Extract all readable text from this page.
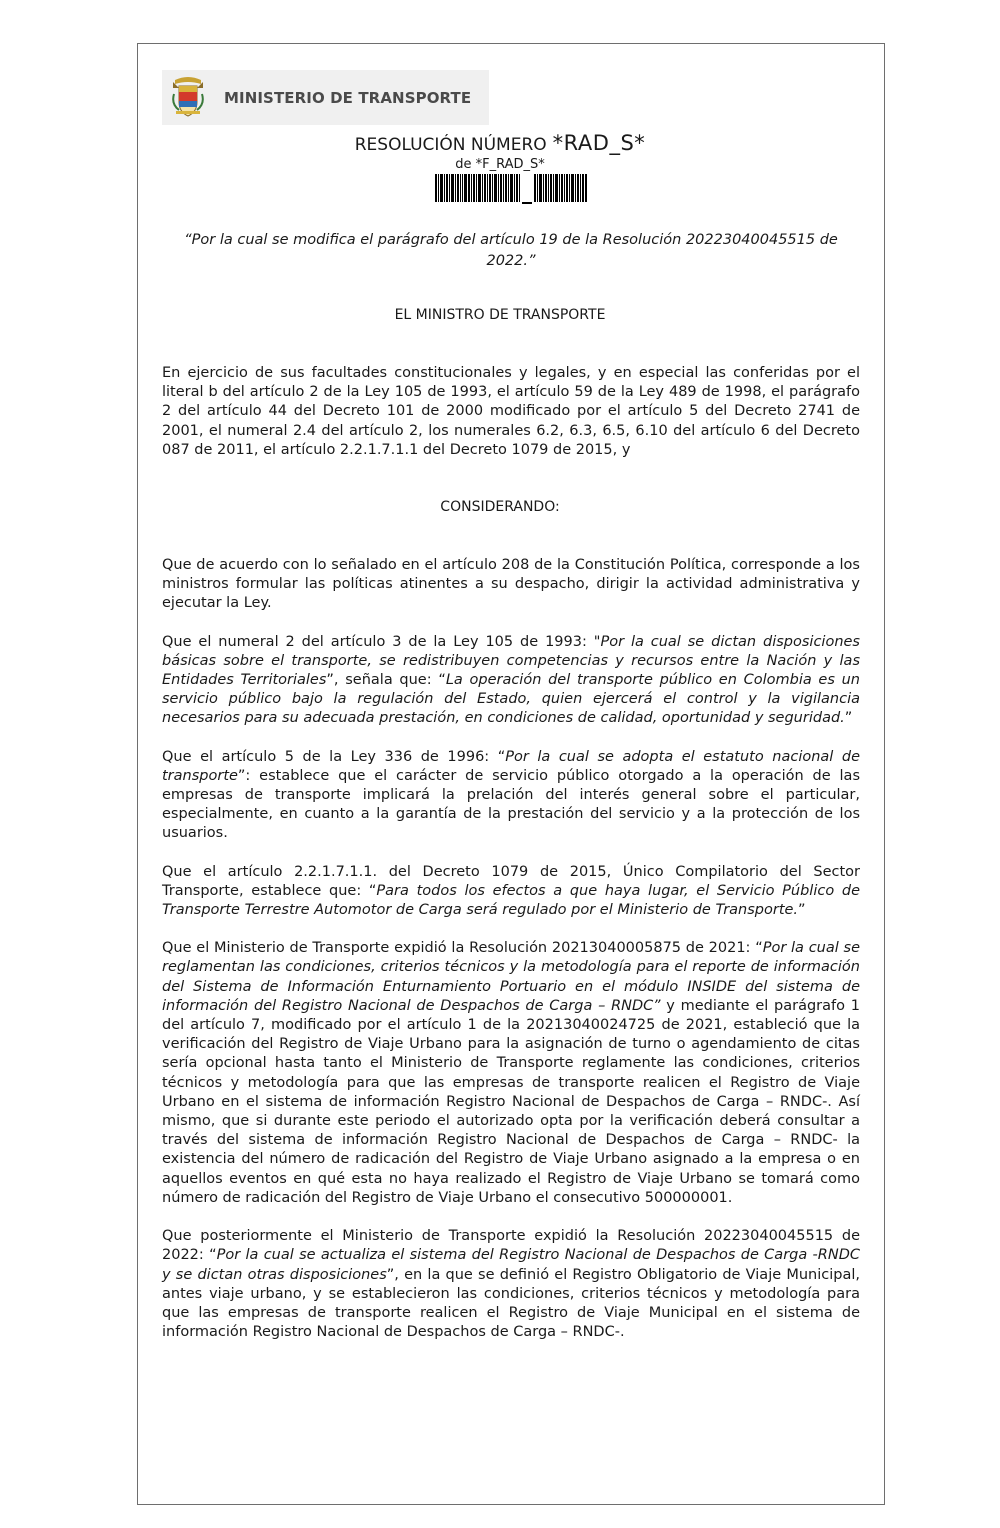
MINISTERIO DE TRANSPORTE
RESOLUCIÓN NÚMERO *RAD_S*
de *F_RAD_S*
“Por la cual se modifica el parágrafo del artículo 19 de la Resolución 20223040045515 de 2022.”
EL MINISTRO DE TRANSPORTE

En ejercicio de sus facultades constitucionales y legales, y en especial las conferidas por el literal b del artículo 2 de la Ley 105 de 1993, el artículo 59 de la Ley 489 de 1998, el parágrafo 2 del artículo 44 del Decreto 101 de 2000 modificado por el artículo 5 del Decreto 2741 de 2001, el numeral 2.4 del artículo 2, los numerales 6.2, 6.3, 6.5, 6.10 del artículo 6 del Decreto 087 de 2011, el artículo 2.2.1.7.1.1 del Decreto 1079 de 2015, y

CONSIDERANDO:

Que de acuerdo con lo señalado en el artículo 208 de la Constitución Política, corresponde a los ministros formular las políticas atinentes a su despacho, dirigir la actividad administrativa y ejecutar la Ley.

Que el numeral 2 del artículo 3 de la Ley 105 de 1993: "Por la cual se dictan disposiciones básicas sobre el transporte, se redistribuyen competencias y recursos entre la Nación y las Entidades Territoriales”, señala que: “La operación del transporte público en Colombia es un servicio público bajo la regulación del Estado, quien ejercerá el control y la vigilancia necesarios para su adecuada prestación, en condiciones de calidad, oportunidad y seguridad.”

Que el artículo 5 de la Ley 336 de 1996: “Por la cual se adopta el estatuto nacional de transporte”: establece que el carácter de servicio público otorgado a la operación de las empresas de transporte implicará la prelación del interés general sobre el particular, especialmente, en cuanto a la garantía de la prestación del servicio y a la protección de los usuarios.

Que el artículo 2.2.1.7.1.1. del Decreto 1079 de 2015, Único Compilatorio del Sector Transporte, establece que: “Para todos los efectos a que haya lugar, el Servicio Público de Transporte Terrestre Automotor de Carga será regulado por el Ministerio de Transporte.”

Que el Ministerio de Transporte expidió la Resolución 20213040005875 de 2021: “Por la cual se reglamentan las condiciones, criterios técnicos y la metodología para el reporte de información del Sistema de Información Enturnamiento Portuario en el módulo INSIDE del sistema de información del Registro Nacional de Despachos de Carga – RNDC” y mediante el parágrafo 1 del artículo 7, modificado por el artículo 1 de la 20213040024725 de 2021, estableció que la verificación del Registro de Viaje Urbano para la asignación de turno o agendamiento de citas sería opcional hasta tanto el Ministerio de Transporte reglamente las condiciones, criterios técnicos y metodología para que las empresas de transporte realicen el Registro de Viaje Urbano en el sistema de información Registro Nacional de Despachos de Carga – RNDC-. Así mismo, que si durante este periodo el autorizado opta por la verificación deberá consultar a través del sistema de información Registro Nacional de Despachos de Carga – RNDC- la existencia del número de radicación del Registro de Viaje Urbano asignado a la empresa o en aquellos eventos en qué esta no haya realizado el Registro de Viaje Urbano se tomará como número de radicación del Registro de Viaje Urbano el consecutivo 500000001.

Que posteriormente el Ministerio de Transporte expidió la Resolución 20223040045515 de 2022: “Por la cual se actualiza el sistema del Registro Nacional de Despachos de Carga -RNDC y se dictan otras disposiciones”, en la que se definió el Registro Obligatorio de Viaje Municipal, antes viaje urbano, y se establecieron las condiciones, criterios técnicos y metodología para que las empresas de transporte realicen el Registro de Viaje Municipal en el sistema de información Registro Nacional de Despachos de Carga – RNDC-.
